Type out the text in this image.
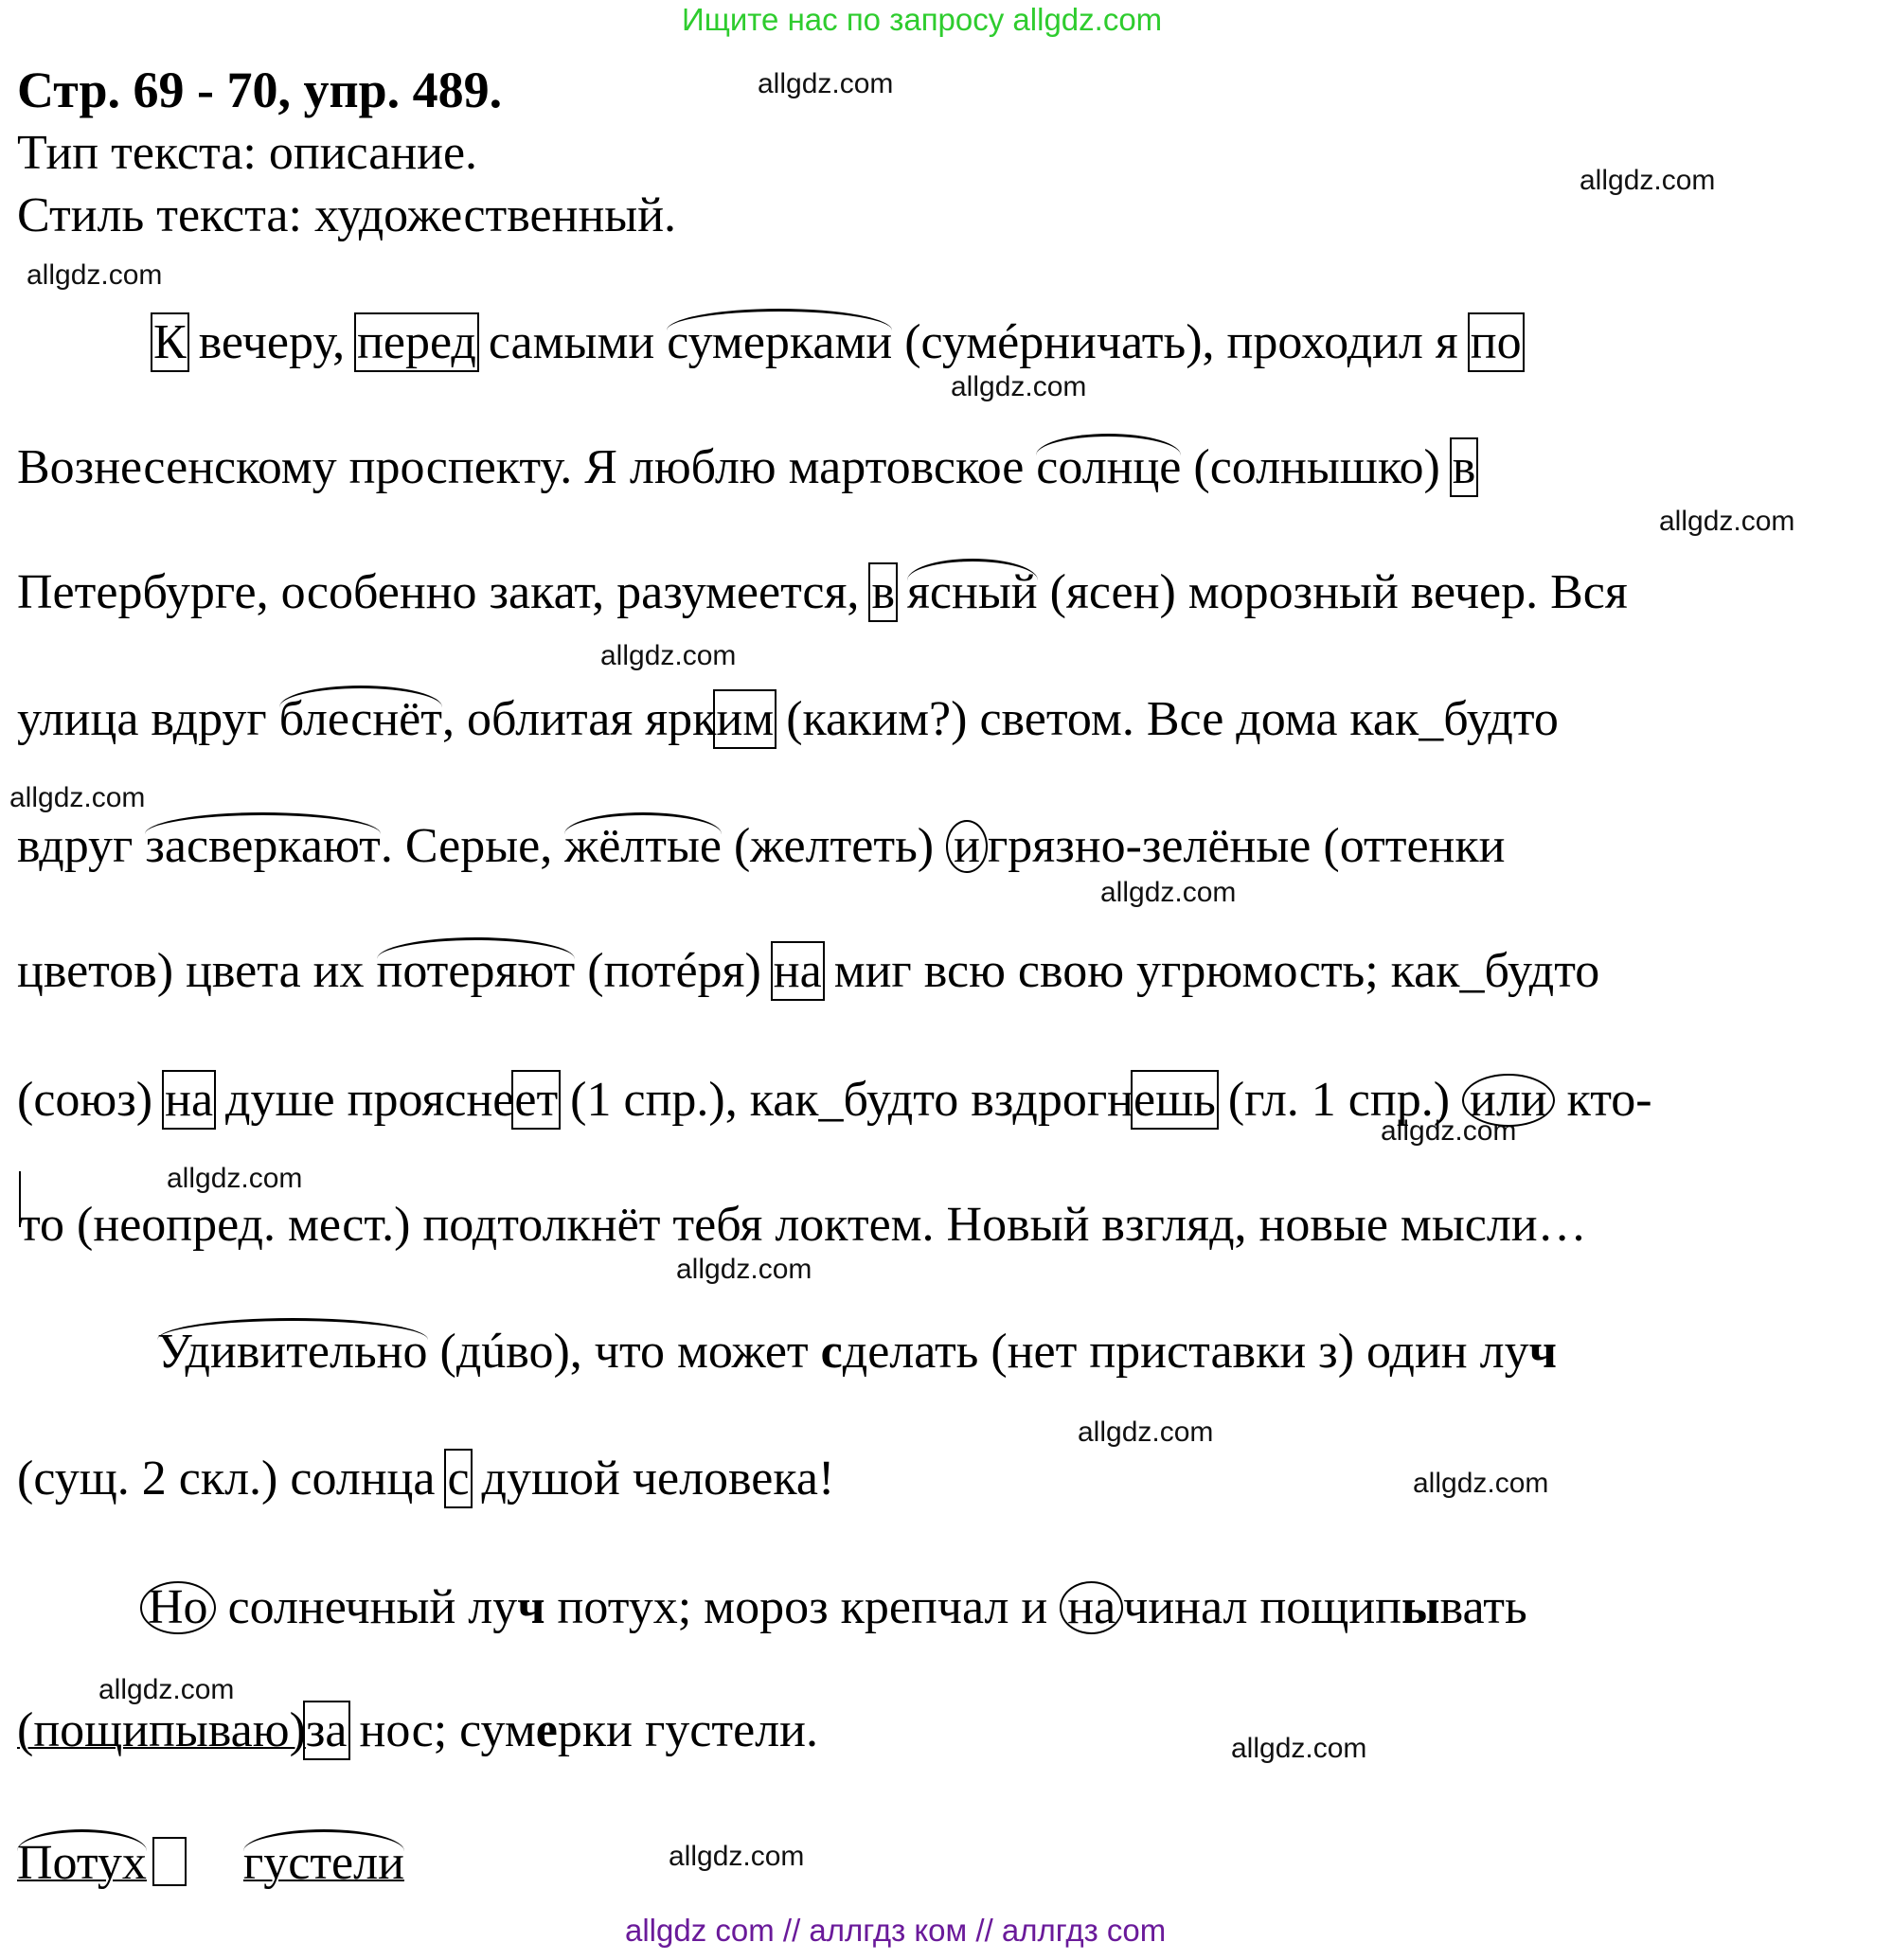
Ищите нас по запросу allgdz.com
Стр. 69 - 70, упр. 489.
Тип текста: описание.
Стиль текста: художественный.
allgdz.com
allgdz.com
allgdz.com
allgdz.com
allgdz.com
allgdz.com
allgdz.com
allgdz.com
allgdz.com
allgdz.com
allgdz.com
allgdz.com
allgdz.com
allgdz.com
allgdz.com
allgdz.com
К вечеру, перед самыми сумерками (сумéрничать), проходил я по
Вознесенскому проспекту. Я люблю мартовское солнце (солнышко) в
Петербурге, особенно закат, разумеется, в ясный (ясен) морозный вечер. Вся
улица вдруг блеснёт, облитая ярким (каким?) светом. Все дома как_будто
вдруг засверкают. Серые, жёлтые (желтеть) и грязно-зелёные (оттенки
цветов) цвета их потеряют (потéря) на миг всю свою угрюмость; как_будто
(союз) на душе прояснеет (1 спр.), как_будто вздрогнешь (гл. 1 спр.) или кто-
то (неопред. мест.) подтолкнёт тебя локтем. Новый взгляд, новые мысли…
Удивительно (дúво), что может сделать (нет приставки з) один луч
(сущ. 2 скл.) солнца с душой человека!
Но солнечный луч потух; мороз крепчал и на чинал пощипывать
(пощипываю)за нос; сумерки густели.
Потух густели
allgdz com // аллгдз ком // аллгдз com
